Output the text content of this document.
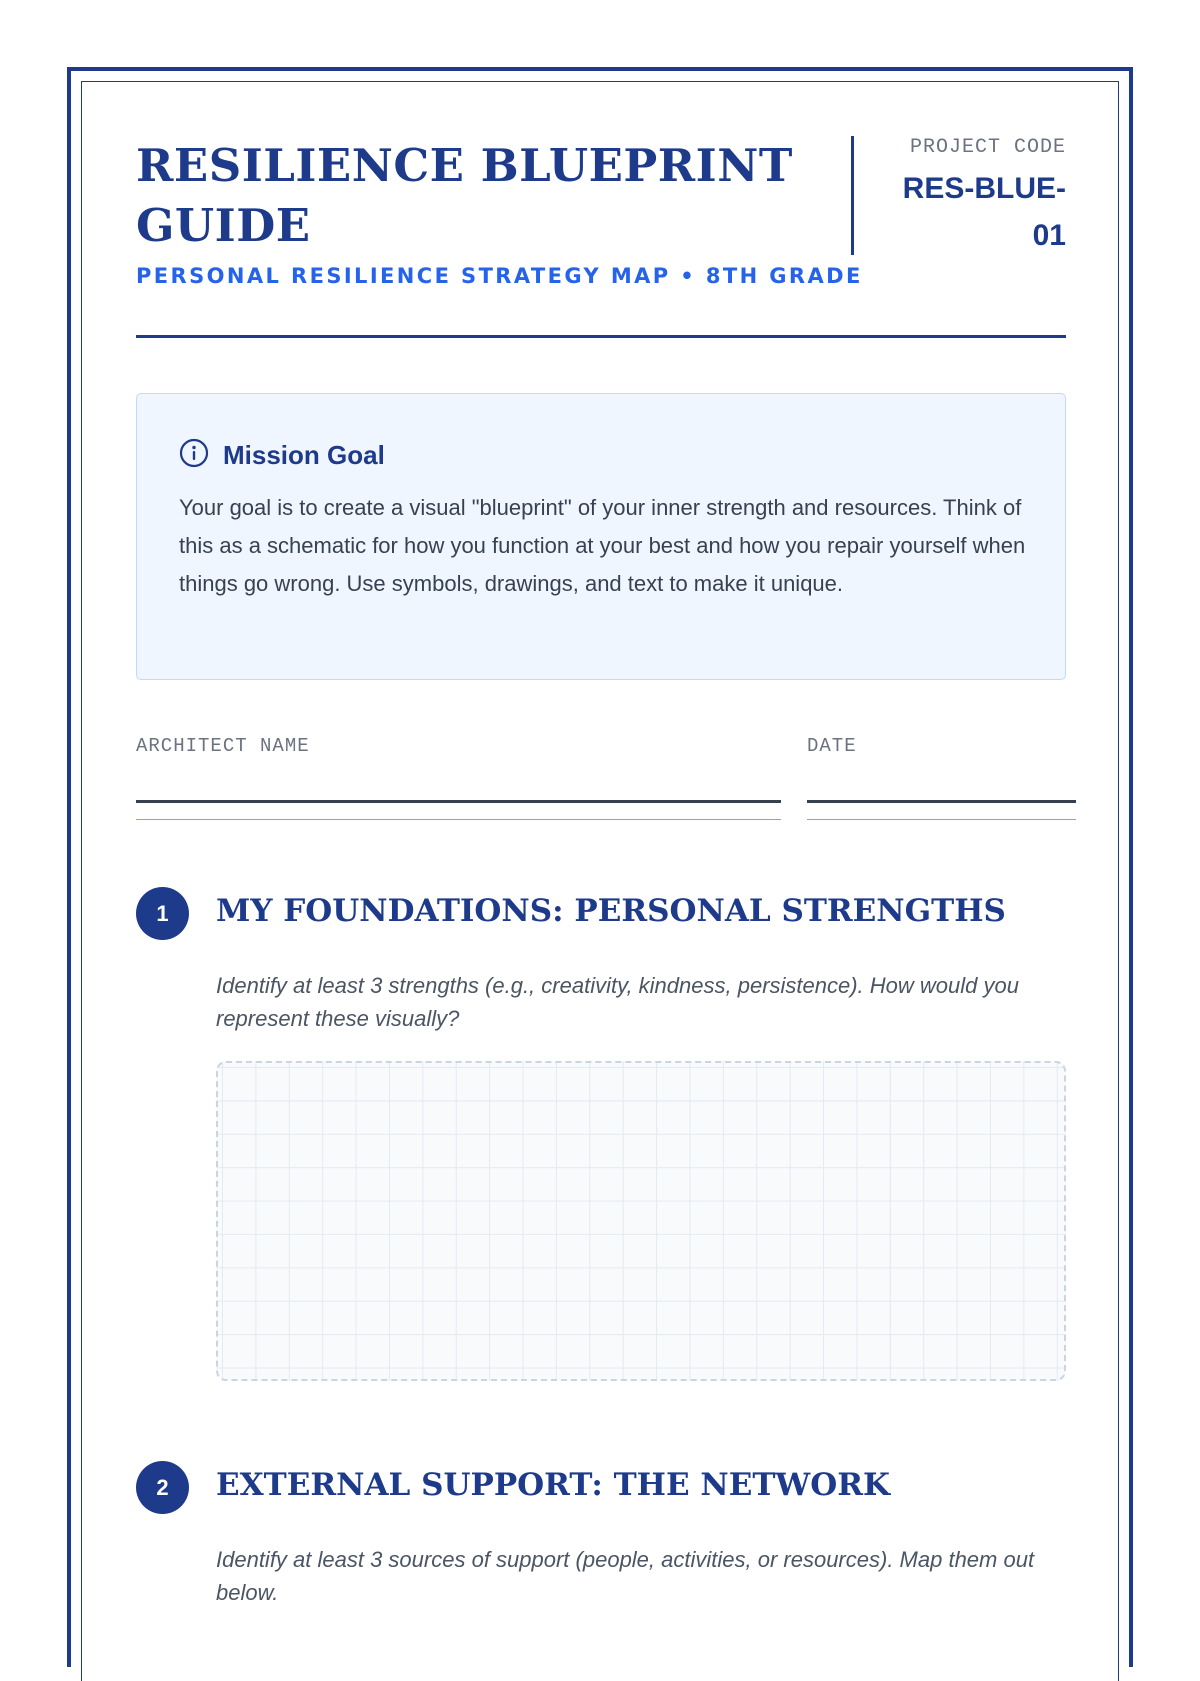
RESILIENCE BLUEPRINT GUIDE
PERSONAL RESILIENCE STRATEGY MAP • 8TH GRADE
PROJECT CODE
RES-BLUE-01
Mission Goal

Your goal is to create a visual "blueprint" of your inner strength and resources. Think of this as a schematic for how you function at your best and how you repair yourself when things go wrong. Use symbols, drawings, and text to make it unique.

ARCHITECT NAME	DATE
1	MY FOUNDATIONS: PERSONAL STRENGTHS

Identify at least 3 strengths (e.g., creativity, kindness, persistence). How would you represent these visually?

2	EXTERNAL SUPPORT: THE NETWORK

Identify at least 3 sources of support (people, activities, or resources). Map them out below.
